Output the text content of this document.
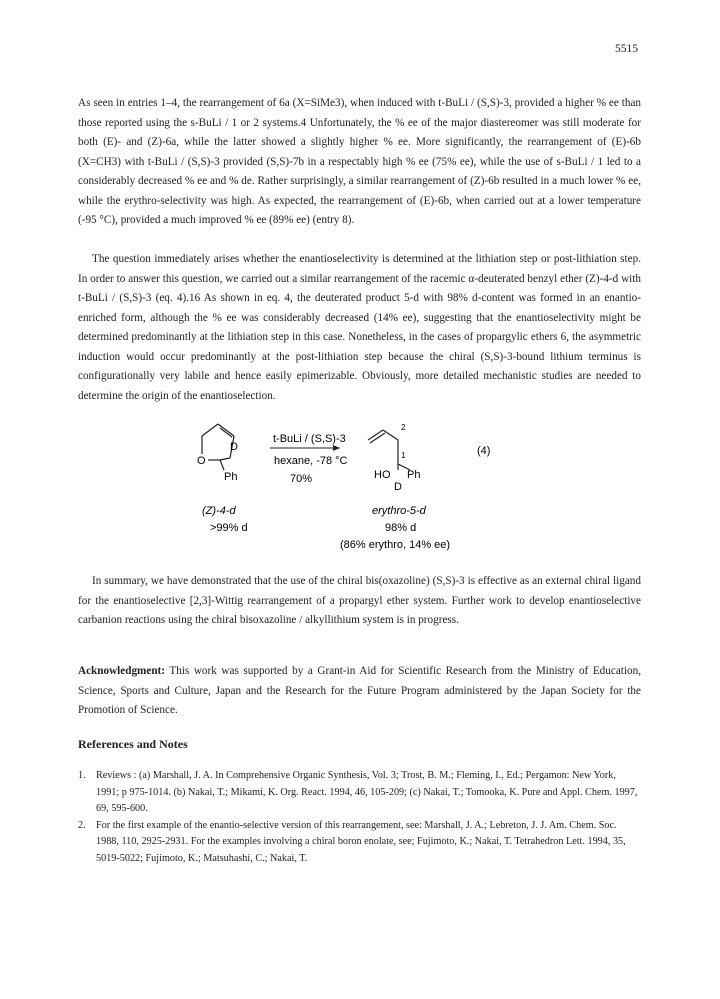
5515
As seen in entries 1–4, the rearrangement of 6a (X=SiMe3), when induced with t-BuLi / (S,S)-3, provided a higher % ee than those reported using the s-BuLi / 1 or 2 systems.4 Unfortunately, the % ee of the major diastereomer was still moderate for both (E)- and (Z)-6a, while the latter showed a slightly higher % ee. More significantly, the rearrangement of (E)-6b (X=CH3) with t-BuLi / (S,S)-3 provided (S,S)-7b in a respectably high % ee (75% ee), while the use of s-BuLi / 1 led to a considerably decreased % ee and % de. Rather surprisingly, a similar rearrangement of (Z)-6b resulted in a much lower % ee, while the erythro-selectivity was high. As expected, the rearrangement of (E)-6b, when carried out at a lower temperature (-95 °C), provided a much improved % ee (89% ee) (entry 8).
The question immediately arises whether the enantioselectivity is determined at the lithiation step or post-lithiation step. In order to answer this question, we carried out a similar rearrangement of the racemic α-deuterated benzyl ether (Z)-4-d with t-BuLi / (S,S)-3 (eq. 4).16 As shown in eq. 4, the deuterated product 5-d with 98% d-content was formed in an enantio-enriched form, although the % ee was considerably decreased (14% ee), suggesting that the enantioselectivity might be determined predominantly at the lithiation step in this case. Nonetheless, in the cases of propargylic ethers 6, the asymmetric induction would occur predominantly at the post-lithiation step because the chiral (S,S)-3-bound lithium terminus is configurationally very labile and hence easily epimerizable. Obviously, more detailed mechanistic studies are needed to determine the origin of the enantioselection.
O
D
Ph
t-BuLi / (S,S)-3
hexane, -78 °C
70%
2
1
HO Ph
D
(4)
(Z)-4-d
>99% d
erythro-5-d
98% d
(86% erythro, 14% ee)
In summary, we have demonstrated that the use of the chiral bis(oxazoline) (S,S)-3 is effective as an external chiral ligand for the enantioselective [2,3]-Wittig rearrangement of a propargyl ether system. Further work to develop enantioselective carbanion reactions using the chiral bisoxazoline / alkyllithium system is in progress.
Acknowledgment: This work was supported by a Grant-in Aid for Scientific Research from the Ministry of Education, Science, Sports and Culture, Japan and the Research for the Future Program administered by the Japan Society for the Promotion of Science.
References and Notes
1. Reviews : (a) Marshall, J. A. In Comprehensive Organic Synthesis, Vol. 3; Trost, B. M.; Fleming, I., Ed.; Pergamon: New York, 1991; p 975-1014. (b) Nakai, T.; Mikami, K. Org. React. 1994, 46, 105-209; (c) Nakai, T.; Tomooka, K. Pure and Appl. Chem. 1997, 69, 595-600.
2. For the first example of the enantio-selective version of this rearrangement, see: Marshall, J. A.; Lebreton, J. J. Am. Chem. Soc. 1988, 110, 2925-2931. For the examples involving a chiral boron enolate, see; Fujimoto, K.; Nakai, T. Tetrahedron Lett. 1994, 35, 5019-5022; Fujimoto, K.; Matsuhashi, C.; Nakai, T.
